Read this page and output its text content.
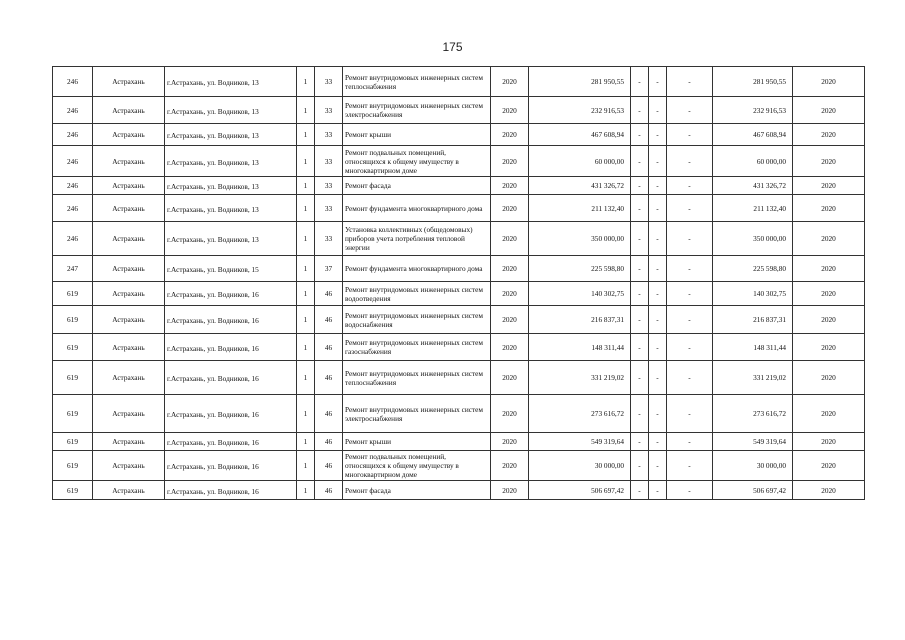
175
246	Астрахань	г.Астрахань, ул. Водников, 13	1	33	Ремонт внутридомовых инженерных систем теплоснабжения	2020	281 950,55	-	-	-	281 950,55	2020
246	Астрахань	г.Астрахань, ул. Водников, 13	1	33	Ремонт внутридомовых инженерных систем электроснабжения	2020	232 916,53	-	-	-	232 916,53	2020
246	Астрахань	г.Астрахань, ул. Водников, 13	1	33	Ремонт крыши	2020	467 608,94	-	-	-	467 608,94	2020
246	Астрахань	г.Астрахань, ул. Водников, 13	1	33	Ремонт подвальных помещений, относящихся к общему имуществу в многоквартирном доме	2020	60 000,00	-	-	-	60 000,00	2020
246	Астрахань	г.Астрахань, ул. Водников, 13	1	33	Ремонт фасада	2020	431 326,72	-	-	-	431 326,72	2020
246	Астрахань	г.Астрахань, ул. Водников, 13	1	33	Ремонт фундамента многоквартирного дома	2020	211 132,40	-	-	-	211 132,40	2020
246	Астрахань	г.Астрахань, ул. Водников, 13	1	33	Установка коллективных (общедомовых) приборов учета потребления тепловой энергии	2020	350 000,00	-	-	-	350 000,00	2020
247	Астрахань	г.Астрахань, ул. Водников, 15	1	37	Ремонт фундамента многоквартирного дома	2020	225 598,80	-	-	-	225 598,80	2020
619	Астрахань	г.Астрахань, ул. Водников, 16	1	46	Ремонт внутридомовых инженерных систем водоотведения	2020	140 302,75	-	-	-	140 302,75	2020
619	Астрахань	г.Астрахань, ул. Водников, 16	1	46	Ремонт внутридомовых инженерных систем водоснабжения	2020	216 837,31	-	-	-	216 837,31	2020
619	Астрахань	г.Астрахань, ул. Водников, 16	1	46	Ремонт внутридомовых инженерных систем газоснабжения	2020	148 311,44	-	-	-	148 311,44	2020
619	Астрахань	г.Астрахань, ул. Водников, 16	1	46	Ремонт внутридомовых инженерных систем теплоснабжения	2020	331 219,02	-	-	-	331 219,02	2020
619	Астрахань	г.Астрахань, ул. Водников, 16	1	46	Ремонт внутридомовых инженерных систем электроснабжения	2020	273 616,72	-	-	-	273 616,72	2020
619	Астрахань	г.Астрахань, ул. Водников, 16	1	46	Ремонт крыши	2020	549 319,64	-	-	-	549 319,64	2020
619	Астрахань	г.Астрахань, ул. Водников, 16	1	46	Ремонт подвальных помещений, относящихся к общему имуществу в многоквартирном доме	2020	30 000,00	-	-	-	30 000,00	2020
619	Астрахань	г.Астрахань, ул. Водников, 16	1	46	Ремонт фасада	2020	506 697,42	-	-	-	506 697,42	2020
